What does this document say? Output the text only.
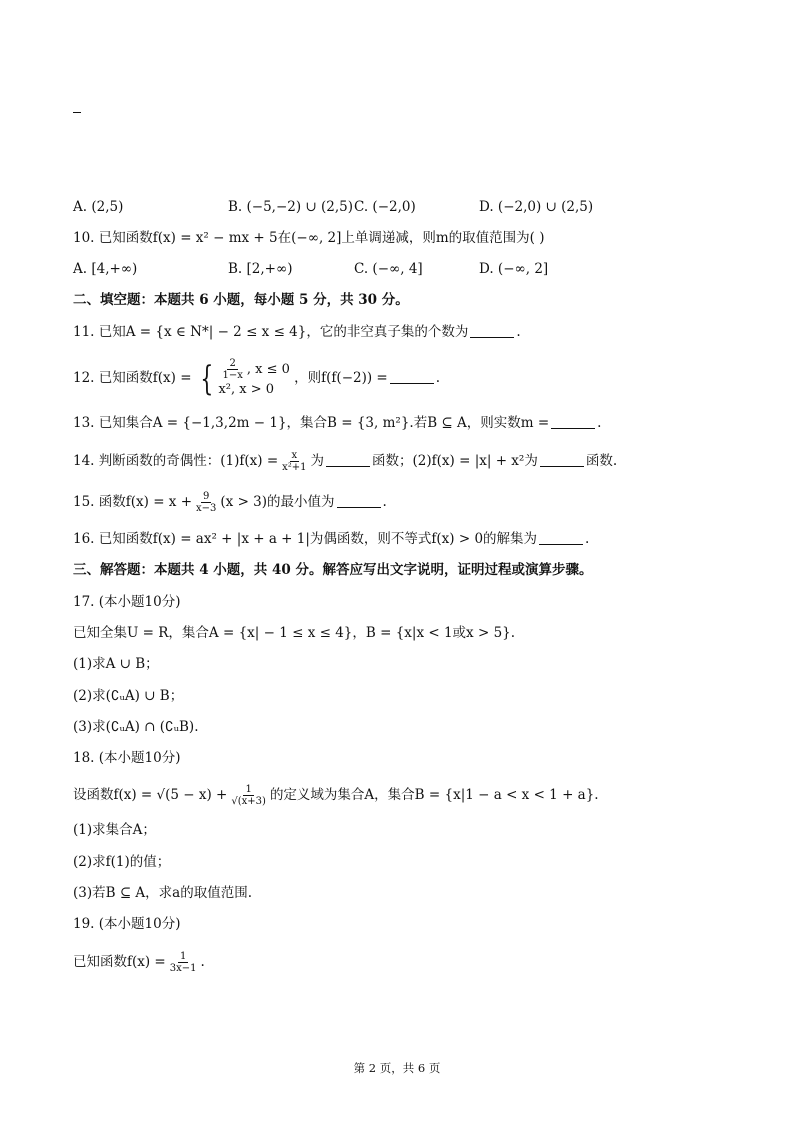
A. (2,5)	B. (−5,−2) ∪ (2,5) C. (−2,0)	D. (−2,0) ∪ (2,5)
10. 已知函数f(x) = x² − mx + 5在(−∞, 2]上单调递减，则m的取值范围为( )
A. [4,+∞)	B. [2,+∞)	C. (−∞, 4]	D. (−∞, 2]
二、填空题：本题共 6 小题，每小题 5 分，共 30 分。
11. 已知A = {x ∈ N*| − 2 ≤ x ≤ 4}，它的非空真子集的个数为	.
12. 已知函数f(x) = { $\frac{2}{1-x}$ , x ≤ 0
x², x > 0
，则f(f(−2)) =	.
13. 已知集合A = {−1,3,2m − 1}，集合B = {3, m²}.若B ⊆ A，则实数m =	.
14. 判断函数的奇偶性：$(1)f(x) = \frac{x}{\text{x²+1}}$ 为	函数；(2)f(x) = |x| + x²为	函数.
15. 函数$f(x) = x + \frac{9}{x-3} (x > 3)$的最小值为	.
16. 已知函数f(x) = ax² + |x + a + 1|为偶函数，则不等式f(x) > 0的解集为	.
三、解答题：本题共 4 小题，共 40 分。解答应写出文字说明，证明过程或演算步骤。
17. (本小题10分)
已知全集U = R，集合A = {x| − 1 ≤ x ≤ 4}，B = {x|x < 1或x > 5}.
(1)求A ∪ B；
(2)求(∁ᵤA) ∪ B；
(3)求(∁ᵤA) ∩ (∁ᵤB).
18. (本小题10分)
设函数$f(x) = √(5 - x) + \frac{1}{√(x+3)}$ 的定义域为集合A，集合B = {x|1 − a < x < 1 + a}.
(1)求集合A；
(2)求f(1)的值；
(3)若B ⊆ A，求a的取值范围.
19. (本小题10分)
已知函数$f(x) = \frac{1}{3x-1}$ .
第 2 页，共 6 页
